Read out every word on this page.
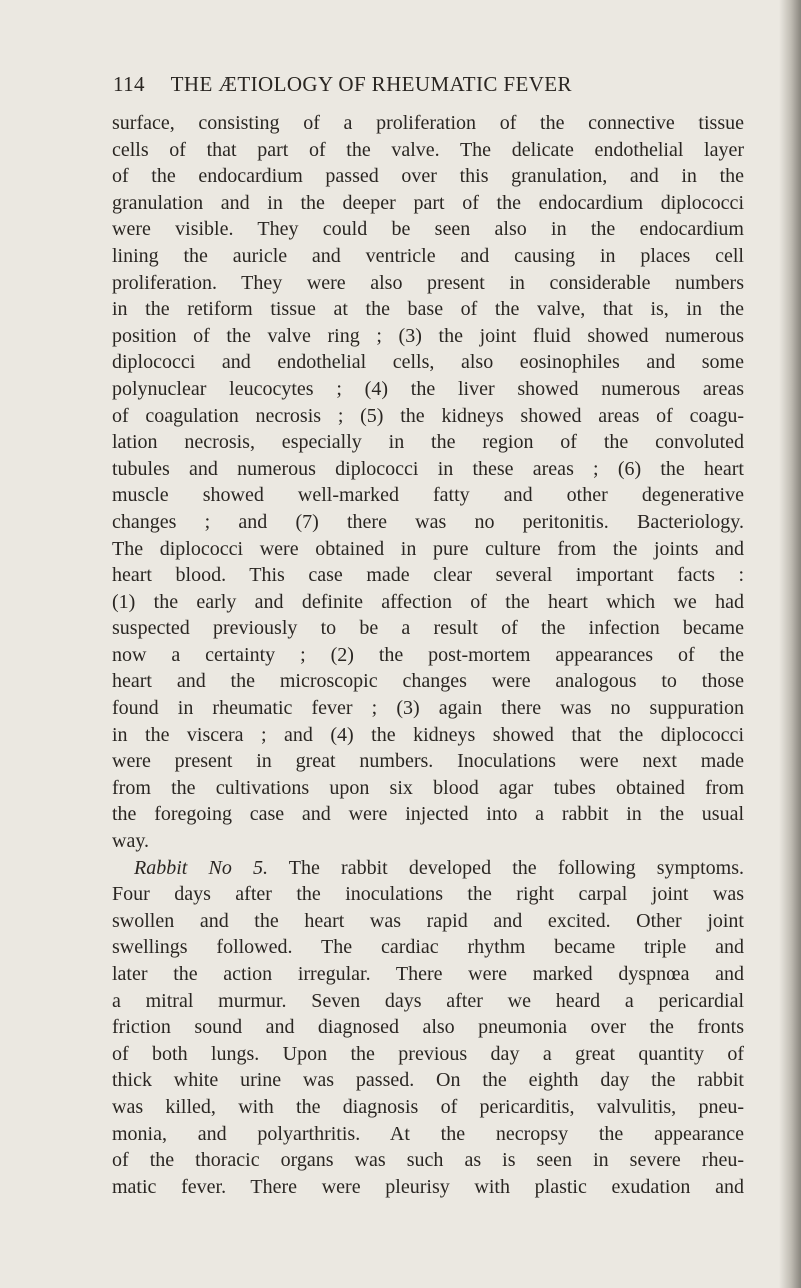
114 THE ÆTIOLOGY OF RHEUMATIC FEVER
surface, consisting of a proliferation of the connective tissue
cells of that part of the valve. The delicate endothelial layer
of the endocardium passed over this granulation, and in the
granulation and in the deeper part of the endocardium diplococci
were visible. They could be seen also in the endocardium
lining the auricle and ventricle and causing in places cell
proliferation. They were also present in considerable numbers
in the retiform tissue at the base of the valve, that is, in the
position of the valve ring ; (3) the joint fluid showed numerous
diplococci and endothelial cells, also eosinophiles and some
polynuclear leucocytes ; (4) the liver showed numerous areas
of coagulation necrosis ; (5) the kidneys showed areas of coagu-
lation necrosis, especially in the region of the convoluted
tubules and numerous diplococci in these areas ; (6) the heart
muscle showed well-marked fatty and other degenerative
changes ; and (7) there was no peritonitis. Bacteriology.
The diplococci were obtained in pure culture from the joints and
heart blood. This case made clear several important facts :
(1) the early and definite affection of the heart which we had
suspected previously to be a result of the infection became
now a certainty ; (2) the post-mortem appearances of the
heart and the microscopic changes were analogous to those
found in rheumatic fever ; (3) again there was no suppuration
in the viscera ; and (4) the kidneys showed that the diplococci
were present in great numbers. Inoculations were next made
from the cultivations upon six blood agar tubes obtained from
the foregoing case and were injected into a rabbit in the usual
way.
Rabbit No 5. The rabbit developed the following symptoms.
Four days after the inoculations the right carpal joint was
swollen and the heart was rapid and excited. Other joint
swellings followed. The cardiac rhythm became triple and
later the action irregular. There were marked dyspnœa and
a mitral murmur. Seven days after we heard a pericardial
friction sound and diagnosed also pneumonia over the fronts
of both lungs. Upon the previous day a great quantity of
thick white urine was passed. On the eighth day the rabbit
was killed, with the diagnosis of pericarditis, valvulitis, pneu-
monia, and polyarthritis. At the necropsy the appearance
of the thoracic organs was such as is seen in severe rheu-
matic fever. There were pleurisy with plastic exudation and
